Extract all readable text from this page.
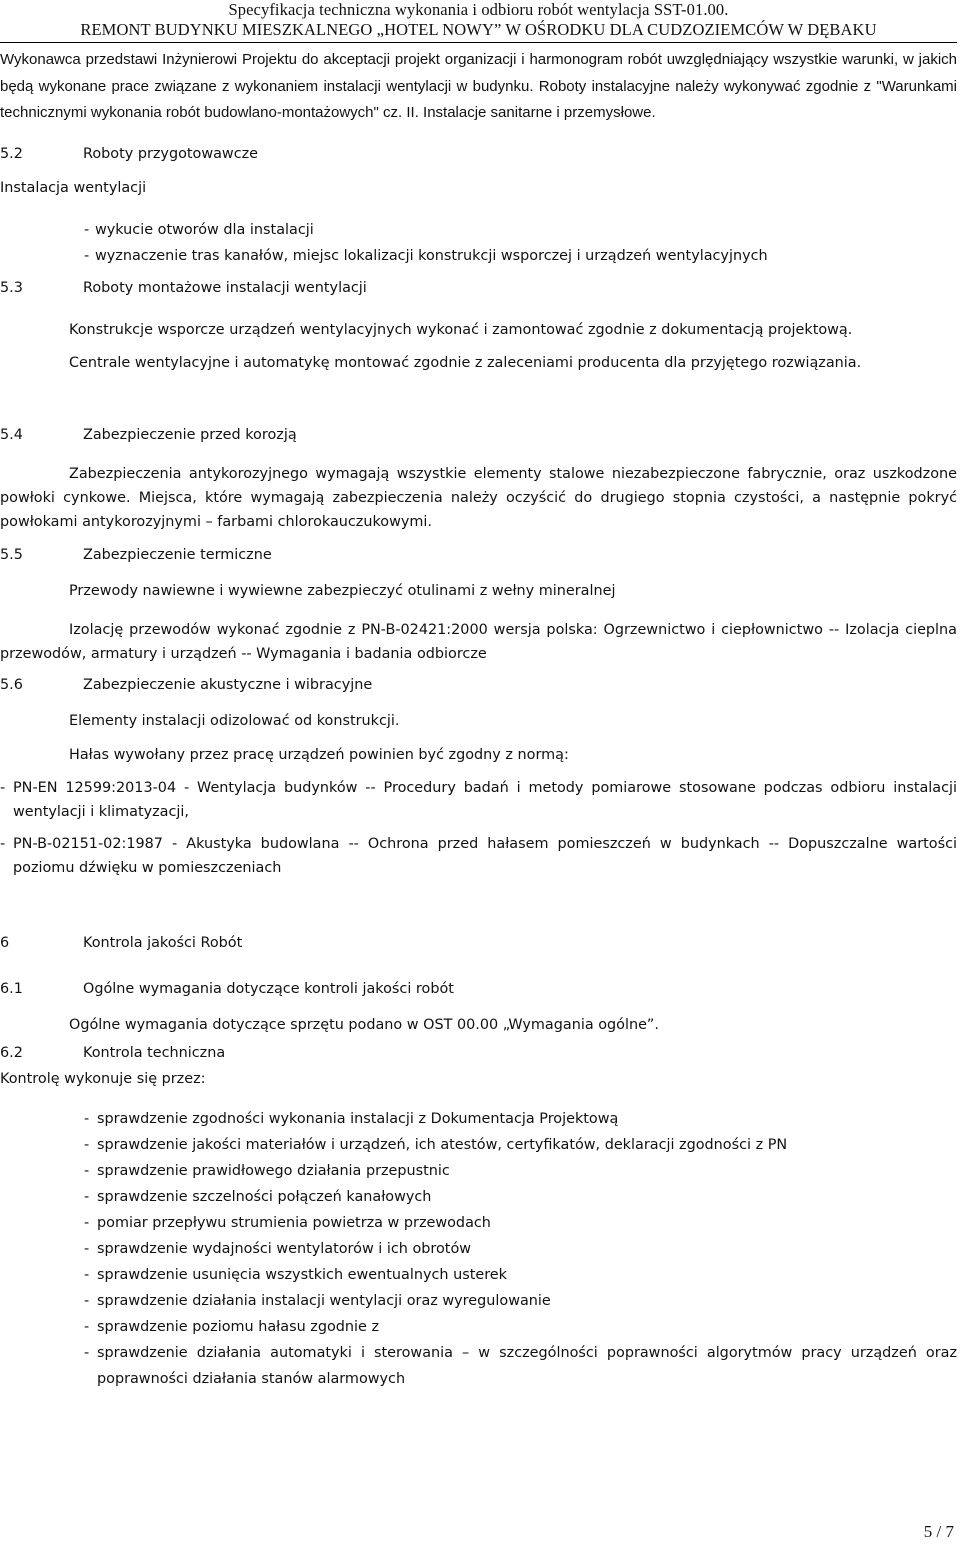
Specyfikacja techniczna wykonania i odbioru robót wentylacja SST-01.00.
REMONT BUDYNKU MIESZKALNEGO „HOTEL NOWY” W OŚRODKU DLA CUDZOZIEMCÓW W DĘBAKU

Wykonawca przedstawi Inżynierowi Projektu do akceptacji projekt organizacji i harmonogram robót uwzględniający wszystkie warunki, w jakich będą wykonane prace związane z wykonaniem instalacji wentylacji w budynku. Roboty instalacyjne należy wykonywać zgodnie z "Warunkami technicznymi wykonania robót budowlano-montażowych" cz. II. Instalacje sanitarne i przemysłowe.

5.2	Roboty przygotowawcze

Instalacja wentylacji

- wykucie otworów dla instalacji
- wyznaczenie tras kanałów, miejsc lokalizacji konstrukcji wsporczej i urządzeń wentylacyjnych
5.3	Roboty montażowe instalacji wentylacji

Konstrukcje wsporcze urządzeń wentylacyjnych wykonać i zamontować zgodnie z dokumentacją projektową.

Centrale wentylacyjne i automatykę montować zgodnie z zaleceniami producenta dla przyjętego rozwiązania.

5.4	Zabezpieczenie przed korozją

Zabezpieczenia antykorozyjnego wymagają wszystkie elementy stalowe niezabezpieczone fabrycznie, oraz uszkodzone powłoki cynkowe. Miejsca, które wymagają zabezpieczenia należy oczyścić do drugiego stopnia czystości, a następnie pokryć powłokami antykorozyjnymi – farbami chlorokauczukowymi.

5.5	Zabezpieczenie termiczne

Przewody nawiewne i wywiewne zabezpieczyć otulinami z wełny mineralnej

Izolację przewodów wykonać zgodnie z PN-B-02421:2000 wersja polska: Ogrzewnictwo i ciepłownictwo -- Izolacja cieplna przewodów, armatury i urządzeń -- Wymagania i badania odbiorcze

5.6	Zabezpieczenie akustyczne i wibracyjne

Elementy instalacji odizolować od konstrukcji.

Hałas wywołany przez pracę urządzeń powinien być zgodny z normą:

- PN-EN 12599:2013-04 - Wentylacja budynków -- Procedury badań i metody pomiarowe stosowane podczas odbioru instalacji wentylacji i klimatyzacji,
- PN-B-02151-02:1987 - Akustyka budowlana -- Ochrona przed hałasem pomieszczeń w budynkach -- Dopuszczalne wartości poziomu dźwięku w pomieszczeniach
6	Kontrola jakości Robót
6.1	Ogólne wymagania dotyczące kontroli jakości robót

Ogólne wymagania dotyczące sprzętu podano w OST 00.00 „Wymagania ogólne”.

6.2	Kontrola techniczna

Kontrolę wykonuje się przez:

- sprawdzenie zgodności wykonania instalacji z Dokumentacja Projektową
- sprawdzenie jakości materiałów i urządzeń, ich atestów, certyfikatów, deklaracji zgodności z PN
- sprawdzenie prawidłowego działania przepustnic
- sprawdzenie szczelności połączeń kanałowych
- pomiar przepływu strumienia powietrza w przewodach
- sprawdzenie wydajności wentylatorów i ich obrotów
- sprawdzenie usunięcia wszystkich ewentualnych usterek
- sprawdzenie działania instalacji wentylacji oraz wyregulowanie
- sprawdzenie poziomu hałasu zgodnie z
- sprawdzenie działania automatyki i sterowania – w szczególności poprawności algorytmów pracy urządzeń oraz poprawności działania stanów alarmowych
5 / 7
